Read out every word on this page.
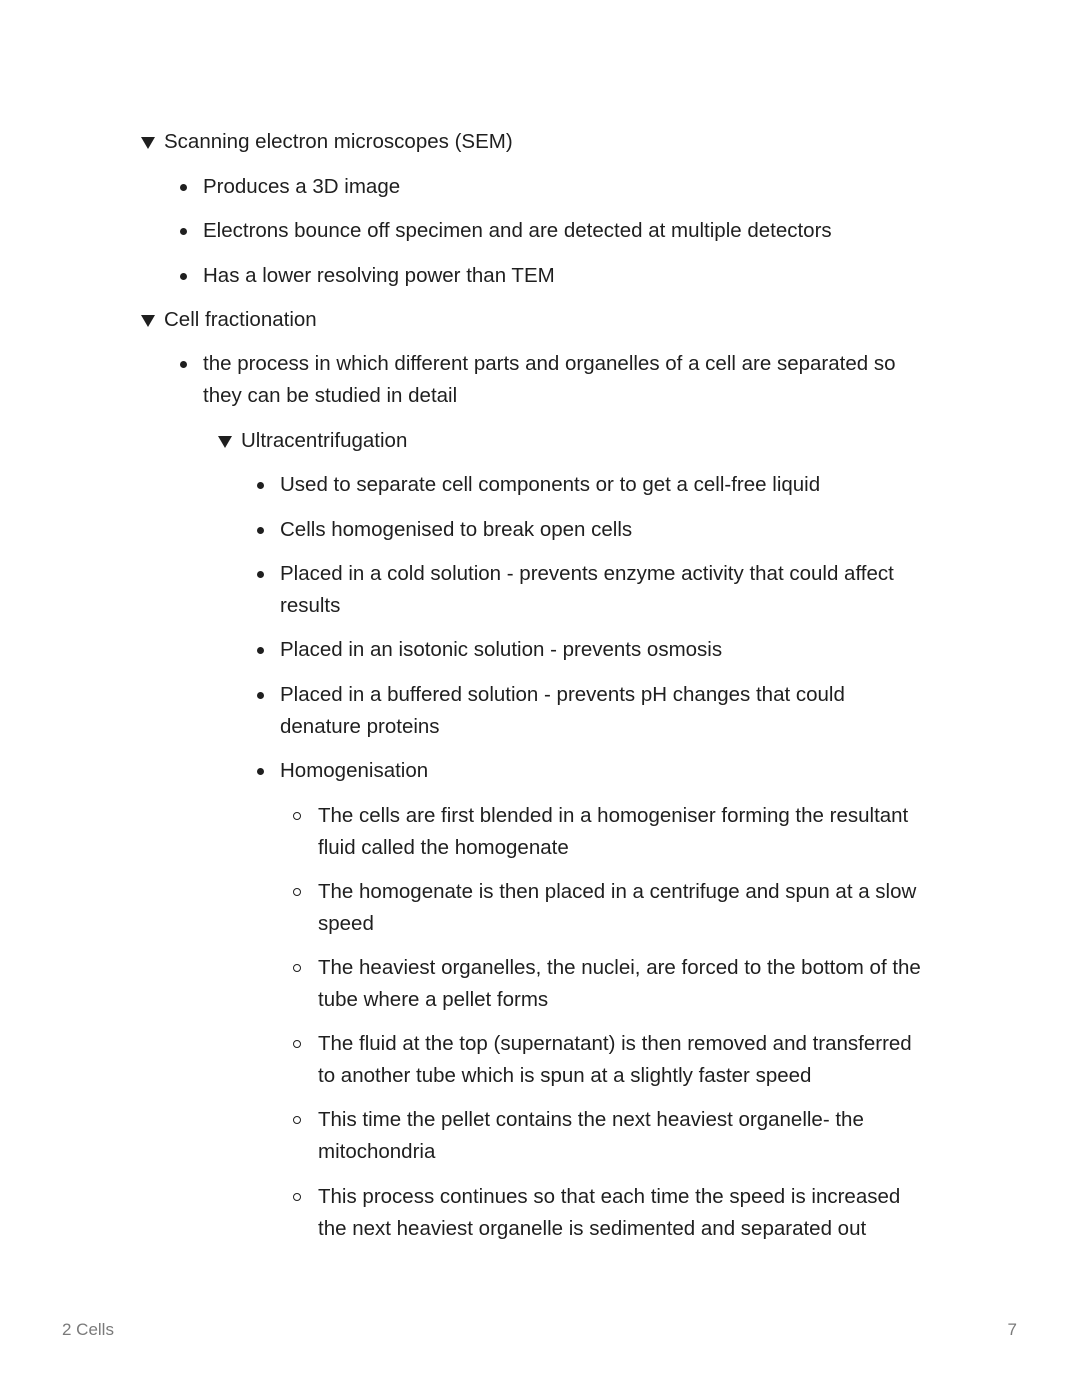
Scanning electron microscopes (SEM)
Produces a 3D image
Electrons bounce off specimen and are detected at multiple detectors
Has a lower resolving power than TEM
Cell fractionation
the process in which different parts and organelles of a cell are separated so
they can be studied in detail
Ultracentrifugation
Used to separate cell components or to get a cell-free liquid
Cells homogenised to break open cells
Placed in a cold solution - prevents enzyme activity that could affect
results
Placed in an isotonic solution - prevents osmosis
Placed in a buffered solution - prevents pH changes that could
denature proteins
Homogenisation
The cells are first blended in a homogeniser forming the resultant
fluid called the homogenate
The homogenate is then placed in a centrifuge and spun at a slow
speed
The heaviest organelles, the nuclei, are forced to the bottom of the
tube where a pellet forms
The fluid at the top (supernatant) is then removed and transferred
to another tube which is spun at a slightly faster speed
This time the pellet contains the next heaviest organelle- the
mitochondria
This process continues so that each time the speed is increased
the next heaviest organelle is sedimented and separated out
2 Cells	7
